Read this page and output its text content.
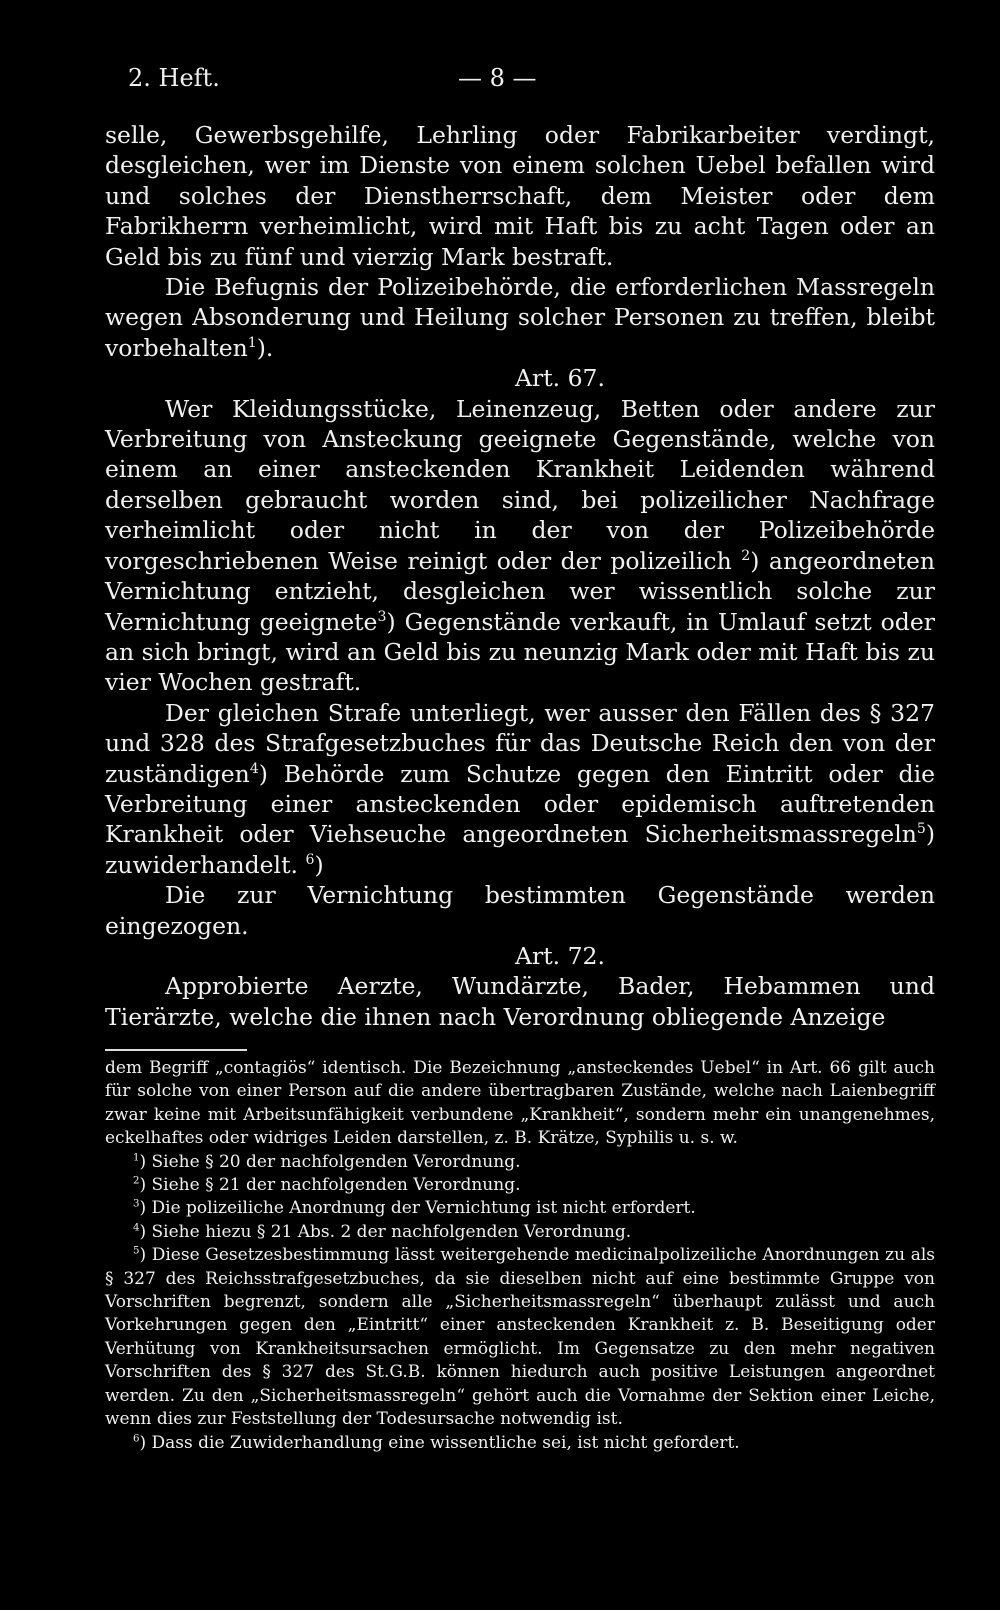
2. Heft.	— 8 —

selle, Gewerbsgehilfe, Lehrling oder Fabrikarbeiter verdingt, desgleichen, wer im Dienste von einem solchen Uebel befallen wird und solches der Dienstherrschaft, dem Meister oder dem Fabrikherrn verheimlicht, wird mit Haft bis zu acht Tagen oder an Geld bis zu fünf und vierzig Mark bestraft.

Die Befugnis der Polizeibehörde, die erforderlichen Massregeln wegen Absonderung und Heilung solcher Personen zu treffen, bleibt vorbehalten$^1$).

Art. 67.

Wer Kleidungsstücke, Leinenzeug, Betten oder andere zur Verbreitung von Ansteckung geeignete Gegenstände, welche von einem an einer ansteckenden Krankheit Leidenden während derselben gebraucht worden sind, bei polizeilicher Nachfrage verheimlicht oder nicht in der von der Polizeibehörde vorgeschriebenen Weise reinigt oder der polizeilich $^2$) angeordneten Vernichtung entzieht, desgleichen wer wissentlich solche zur Vernichtung geeignete$^3$) Gegenstände verkauft, in Umlauf setzt oder an sich bringt, wird an Geld bis zu neunzig Mark oder mit Haft bis zu vier Wochen gestraft.

Der gleichen Strafe unterliegt, wer ausser den Fällen des § 327 und 328 des Strafgesetzbuches für das Deutsche Reich den von der zuständigen$^4$) Behörde zum Schutze gegen den Eintritt oder die Verbreitung einer ansteckenden oder epidemisch auftretenden Krankheit oder Viehseuche angeordneten Sicherheitsmassregeln$^5$) zuwiderhandelt. $^6$)

Die zur Vernichtung bestimmten Gegenstände werden eingezogen.

Art. 72.

Approbierte Aerzte, Wundärzte, Bader, Hebammen und Tierärzte, welche die ihnen nach Verordnung obliegende Anzeige

dem Begriff „contagiös“ identisch. Die Bezeichnung „ansteckendes Uebel“ in Art. 66 gilt auch für solche von einer Person auf die andere übertragbaren Zustände, welche nach Laienbegriff zwar keine mit Arbeitsunfähigkeit verbundene „Krankheit“, sondern mehr ein unangenehmes, eckelhaftes oder widriges Leiden darstellen, z. B. Krätze, Syphilis u. s. w.

$^1$) Siehe § 20 der nachfolgenden Verordnung.

$^2$) Siehe § 21 der nachfolgenden Verordnung.

$^3$) Die polizeiliche Anordnung der Vernichtung ist nicht erfordert.

$^4$) Siehe hiezu § 21 Abs. 2 der nachfolgenden Verordnung.

$^5$) Diese Gesetzesbestimmung lässt weitergehende medicinalpolizeiliche Anordnungen zu als § 327 des Reichsstrafgesetzbuches, da sie dieselben nicht auf eine bestimmte Gruppe von Vorschriften begrenzt, sondern alle „Sicherheitsmassregeln“ überhaupt zulässt und auch Vorkehrungen gegen den „Eintritt“ einer ansteckenden Krankheit z. B. Beseitigung oder Verhütung von Krankheitsursachen ermöglicht. Im Gegensatze zu den mehr negativen Vorschriften des § 327 des St.G.B. können hiedurch auch positive Leistungen angeordnet werden. Zu den „Sicherheitsmassregeln“ gehört auch die Vornahme der Sektion einer Leiche, wenn dies zur Feststellung der Todesursache notwendig ist.

$^6$) Dass die Zuwiderhandlung eine wissentliche sei, ist nicht gefordert.
